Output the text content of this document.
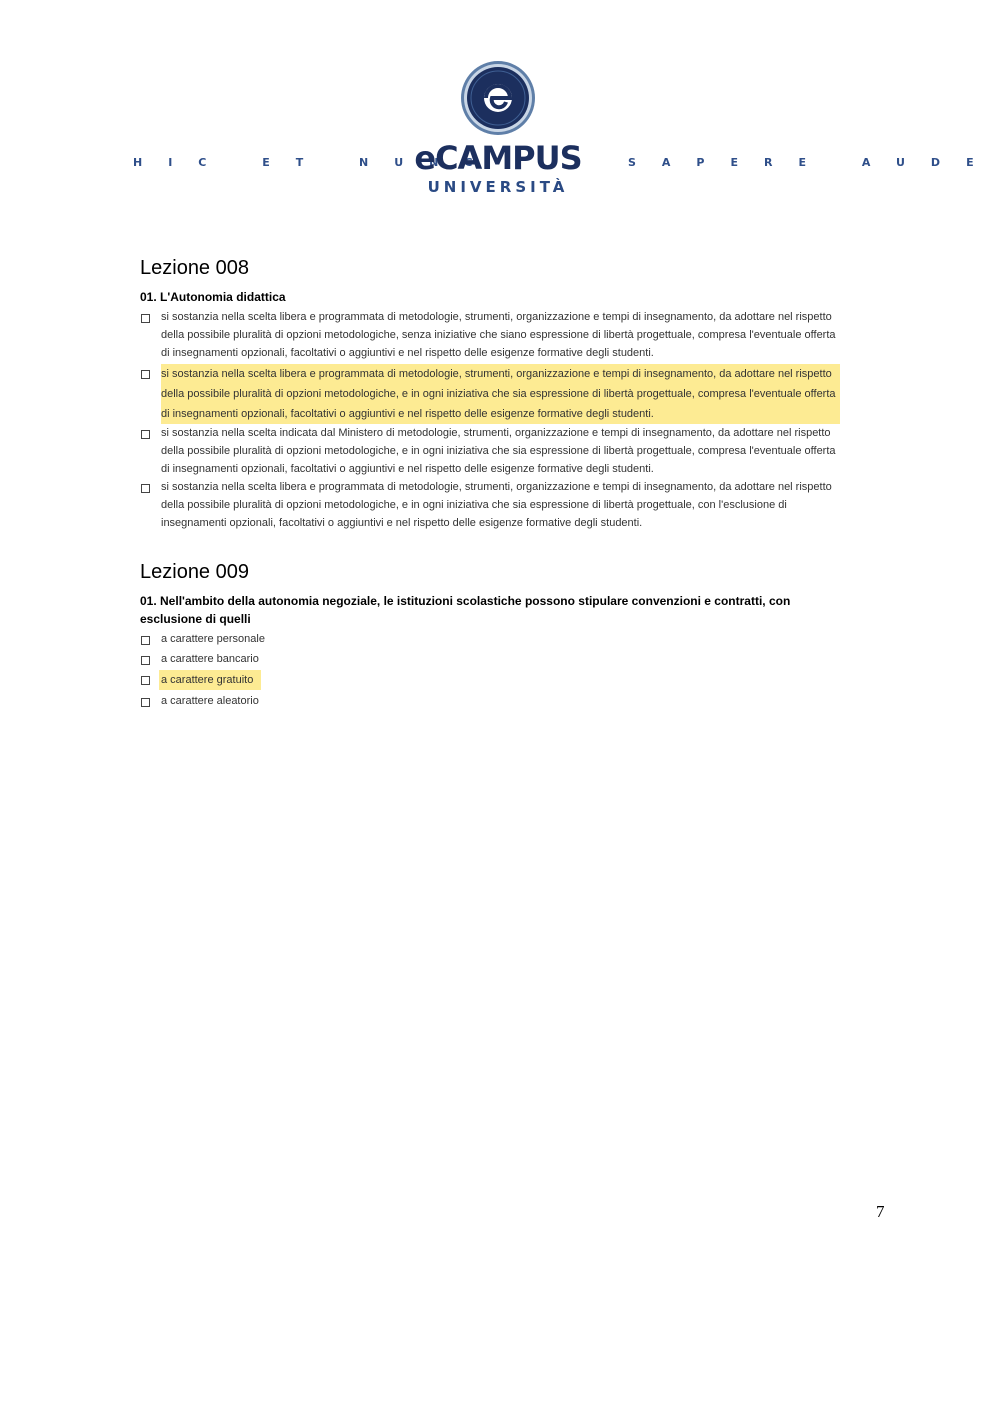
HIC ET NUNC
eCAMPUS
UNIVERSITÀ
SAPERE AUDE
Lezione 008
01. L'Autonomia didattica
si sostanzia nella scelta libera e programmata di metodologie, strumenti, organizzazione e tempi di insegnamento, da adottare nel rispetto della possibile pluralità di opzioni metodologiche, senza iniziative che siano espressione di libertà progettuale, compresa l'eventuale offerta di insegnamenti opzionali, facoltativi o aggiuntivi e nel rispetto delle esigenze formative degli studenti.
si sostanzia nella scelta libera e programmata di metodologie, strumenti, organizzazione e tempi di insegnamento, da adottare nel rispetto della possibile pluralità di opzioni metodologiche, e in ogni iniziativa che sia espressione di libertà progettuale, compresa l'eventuale offerta di insegnamenti opzionali, facoltativi o aggiuntivi e nel rispetto delle esigenze formative degli studenti.
si sostanzia nella scelta indicata dal Ministero di metodologie, strumenti, organizzazione e tempi di insegnamento, da adottare nel rispetto della possibile pluralità di opzioni metodologiche, e in ogni iniziativa che sia espressione di libertà progettuale, compresa l'eventuale offerta di insegnamenti opzionali, facoltativi o aggiuntivi e nel rispetto delle esigenze formative degli studenti.
si sostanzia nella scelta libera e programmata di metodologie, strumenti, organizzazione e tempi di insegnamento, da adottare nel rispetto della possibile pluralità di opzioni metodologiche, e in ogni iniziativa che sia espressione di libertà progettuale, con l'esclusione di insegnamenti opzionali, facoltativi o aggiuntivi e nel rispetto delle esigenze formative degli studenti.
Lezione 009
01. Nell'ambito della autonomia negoziale, le istituzioni scolastiche possono stipulare convenzioni e contratti, con esclusione di quelli
a carattere personale
a carattere bancario
a carattere gratuito
a carattere aleatorio
7
